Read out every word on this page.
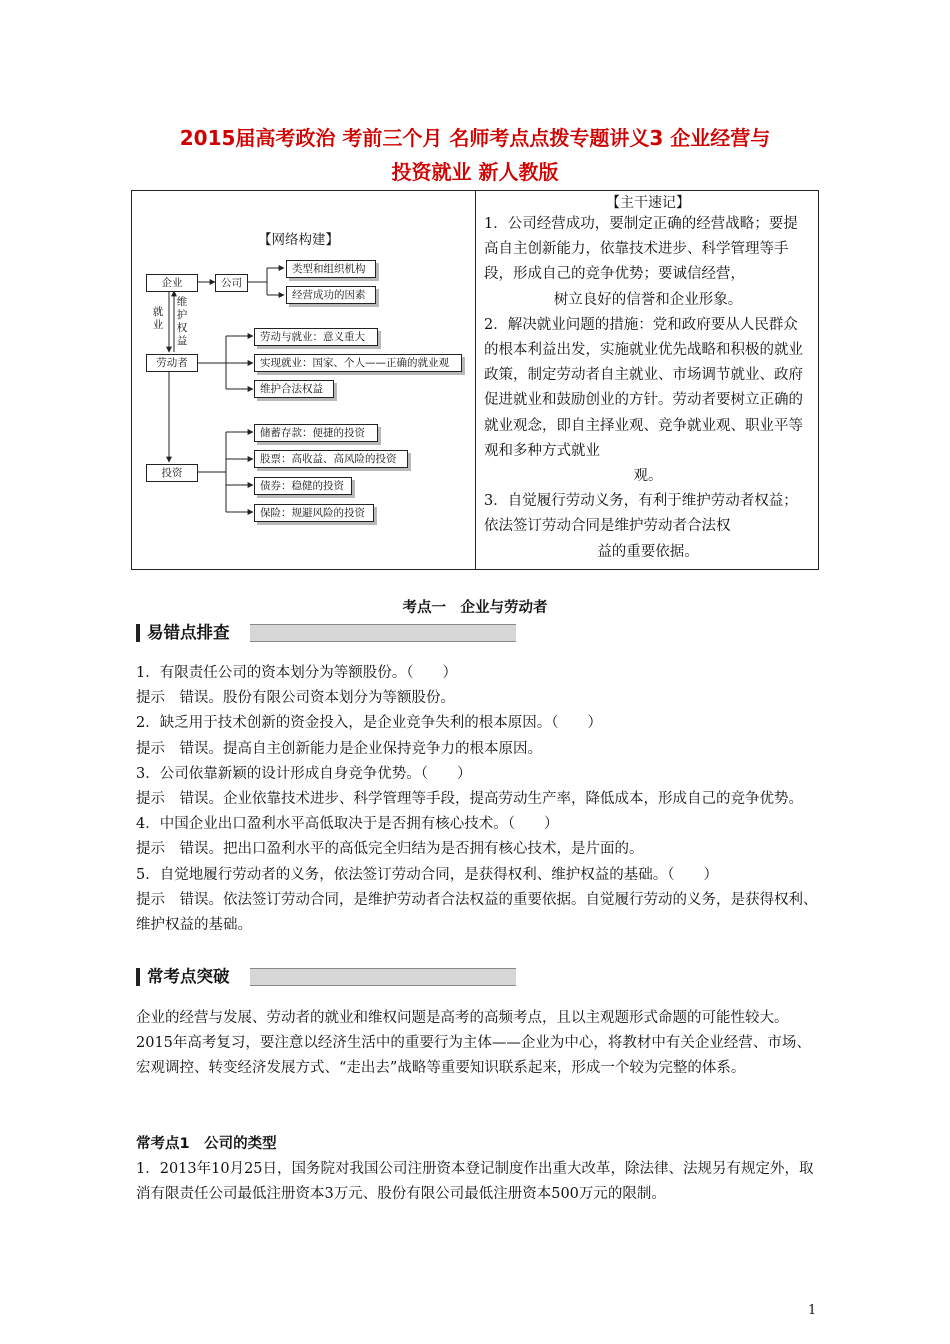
2015届高考政治 考前三个月 名师考点点拨专题讲义3 企业经营与
投资就业 新人教版
【网络构建】
企业	公司
类型和组织机构
经营成功的因素
劳动者
劳动与就业：意义重大
实现就业：国家、个人——正确的就业观
维护合法权益
投资
储蓄存款：便捷的投资
股票：高收益、高风险的投资
债券：稳健的投资
保险：规避风险的投资
就业
维护权益
【主干速记】

1．公司经营成功，要制定正确的经营战略；要提高自主创新能力，依靠技术进步、科学管理等手段，形成自己的竞争优势；要诚信经营，

树立良好的信誉和企业形象。

2．解决就业问题的措施：党和政府要从人民群众的根本利益出发，实施就业优先战略和积极的就业政策，制定劳动者自主就业、市场调节就业、政府促进就业和鼓励创业的方针。劳动者要树立正确的就业观念，即自主择业观、竞争就业观、职业平等观和多种方式就业

观。

3．自觉履行劳动义务，有利于维护劳动者权益；依法签订劳动合同是维护劳动者合法权

益的重要依据。

考点一　企业与劳动者
易错点排查

1．有限责任公司的资本划分为等额股份。（　　）

提示　错误。股份有限公司资本划分为等额股份。

2．缺乏用于技术创新的资金投入，是企业竞争失利的根本原因。（　　）

提示　错误。提高自主创新能力是企业保持竞争力的根本原因。

3．公司依靠新颖的设计形成自身竞争优势。（　　）

提示　错误。企业依靠技术进步、科学管理等手段，提高劳动生产率，降低成本，形成自己的竞争优势。

4．中国企业出口盈利水平高低取决于是否拥有核心技术。（　　）

提示　错误。把出口盈利水平的高低完全归结为是否拥有核心技术，是片面的。

5．自觉地履行劳动者的义务，依法签订劳动合同，是获得权利、维护权益的基础。（　　）

提示　错误。依法签订劳动合同，是维护劳动者合法权益的重要依据。自觉履行劳动的义务，是获得权利、维护权益的基础。

常考点突破

企业的经营与发展、劳动者的就业和维权问题是高考的高频考点，且以主观题形式命题的可能性较大。2015年高考复习，要注意以经济生活中的重要行为主体——企业为中心，将教材中有关企业经营、市场、宏观调控、转变经济发展方式、“走出去”战略等重要知识联系起来，形成一个较为完整的体系。

常考点1　公司的类型

1．2013年10月25日，国务院对我国公司注册资本登记制度作出重大改革，除法律、法规另有规定外，取消有限责任公司最低注册资本3万元、股份有限公司最低注册资本500万元的限制。

1
